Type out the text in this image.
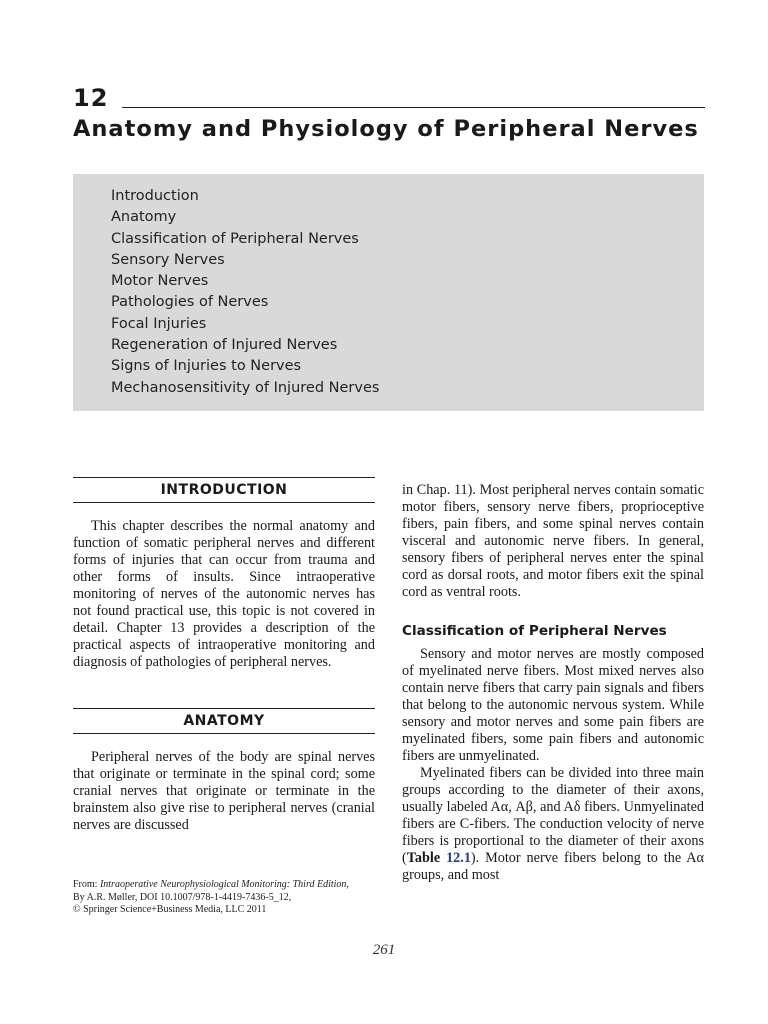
12
Anatomy and Physiology of Peripheral Nerves
Introduction
Anatomy
Classification of Peripheral Nerves
Sensory Nerves
Motor Nerves
Pathologies of Nerves
Focal Injuries
Regeneration of Injured Nerves
Signs of Injuries to Nerves
Mechanosensitivity of Injured Nerves
INTRODUCTION

This chapter describes the normal anatomy and function of somatic peripheral nerves and different forms of injuries that can occur from trauma and other forms of insults. Since intraoperative monitoring of nerves of the autonomic nerves has not found practical use, this topic is not covered in detail. Chapter 13 provides a description of the practical aspects of intraoperative monitoring and diagnosis of pathologies of peripheral nerves.

ANATOMY

Peripheral nerves of the body are spinal nerves that originate or terminate in the spinal cord; some cranial nerves that originate or terminate in the brainstem also give rise to peripheral nerves (cranial nerves are discussed

in Chap. 11). Most peripheral nerves contain somatic motor fibers, sensory nerve fibers, proprioceptive fibers, pain fibers, and some spinal nerves contain visceral and autonomic nerve fibers. In general, sensory fibers of peripheral nerves enter the spinal cord as dorsal roots, and motor fibers exit the spinal cord as ventral roots.

Classification of Peripheral Nerves

Sensory and motor nerves are mostly composed of myelinated nerve fibers. Most mixed nerves also contain nerve fibers that carry pain signals and fibers that belong to the autonomic nervous system. While sensory and motor nerves and some pain fibers are myelinated fibers, some pain fibers and autonomic fibers are unmyelinated.

Myelinated fibers can be divided into three main groups according to the diameter of their axons, usually labeled Aα, Aβ, and Aδ fibers. Unmyelinated fibers are C-fibers. The conduction velocity of nerve fibers is proportional to the diameter of their axons (Table 12.1). Motor nerve fibers belong to the Aα groups, and most

From: Intraoperative Neurophysiological Monitoring: Third Edition,
By A.R. Møller, DOI 10.1007/978-1-4419-7436-5_12,
© Springer Science+Business Media, LLC 2011
261
